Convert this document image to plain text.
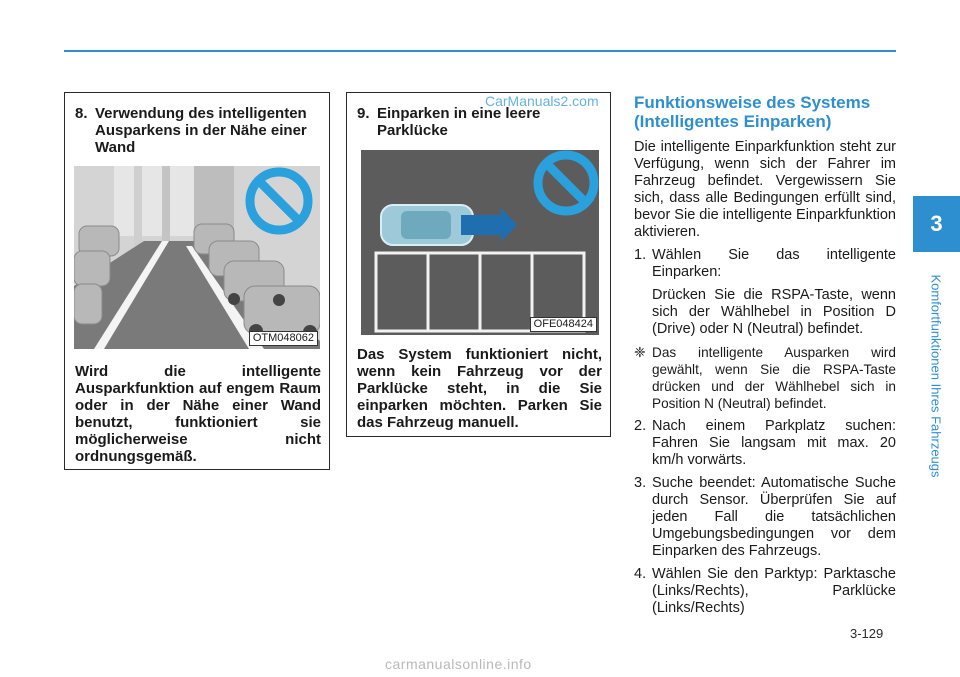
8. Verwendung des intelligenten
Ausparkens in der Nähe einer
Wand
OTM048062
Wird die intelligente Ausparkfunktion auf engem Raum oder in der Nähe einer Wand benutzt, funktioniert sie möglicherweise nicht ordnungsgemäß.
9. Einparken in eine leere
Parklücke
OFE048424
Das System funktioniert nicht, wenn kein Fahrzeug vor der Parklücke steht, in die Sie einparken möchten. Parken Sie das Fahrzeug manuell.
CarManuals2.com Funktionsweise des Systems
(Intelligentes Einparken)

Die intelligente Einparkfunktion steht zur Verfügung, wenn sich der Fahrer im Fahrzeug befindet. Vergewissern Sie sich, dass alle Bedingungen erfüllt sind, bevor Sie die intelligente Einparkfunktion aktivieren.

1. Wählen Sie das intelligente Einparken:
Drücken Sie die RSPA-Taste, wenn sich der Wählhebel in Position D (Drive) oder N (Neutral) befindet.
❈ Das intelligente Ausparken wird gewählt, wenn Sie die RSPA-Taste drücken und der Wählhebel sich in Position N (Neutral) befindet.
2. Nach einem Parkplatz suchen: Fahren Sie langsam mit max. 20 km/h vorwärts.
3. Suche beendet: Automatische Suche durch Sensor. Überprüfen Sie auf jeden Fall die tatsächlichen Umgebungsbedingungen vor dem Einparken des Fahrzeugs.
4. Wählen Sie den Parktyp: Parktasche (Links/Rechts), Parklücke (Links/Rechts)
3
Komfortfunktionen Ihres Fahrzeugs
3-129
carmanualsonline.info
